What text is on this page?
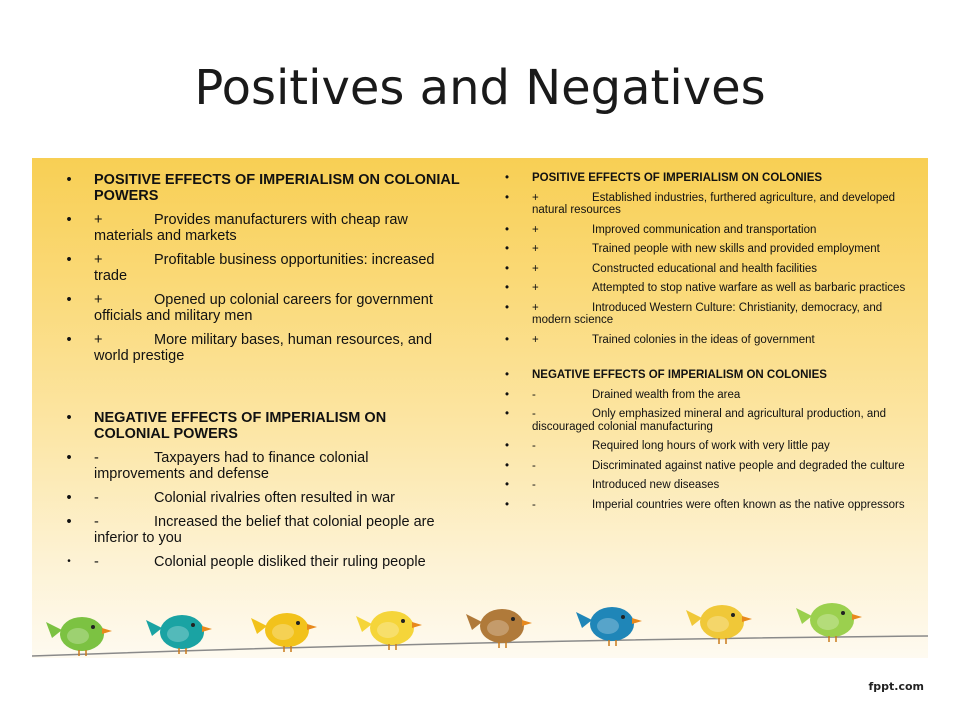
Positives and Negatives
•	POSITIVE EFFECTS OF IMPERIALISM ON COLONIAL POWERS
•	+	Provides manufacturers with cheap raw materials and markets
•	+	Profitable business opportunities: increased trade
•	+	Opened up colonial careers for government officials and military men
•	+	More military bases, human resources, and world prestige
•	NEGATIVE EFFECTS OF IMPERIALISM ON COLONIAL POWERS
•	-	Taxpayers had to finance colonial improvements and defense
•	-	Colonial rivalries often resulted in war
•	-	Increased the belief that colonial people are inferior to you
•	-	Colonial people disliked their ruling people
•	POSITIVE EFFECTS OF IMPERIALISM ON COLONIES
•	+	Established industries, furthered agriculture, and developed natural resources
•	+	Improved communication and transportation
•	+	Trained people with new skills and provided employment
•	+	Constructed educational and health facilities
•	+	Attempted to stop native warfare as well as barbaric practices
•	+	Introduced Western Culture: Christianity, democracy, and modern science
•	+	Trained colonies in the ideas of government
•	NEGATIVE EFFECTS OF IMPERIALISM ON COLONIES
•	-	Drained wealth from the area
•	-	Only emphasized mineral and agricultural production, and discouraged colonial manufacturing
•	-	Required long hours of work with very little pay
•	-	Discriminated against native people and degraded the culture
•	-	Introduced new diseases
•	-	Imperial countries were often known as the native oppressors
fppt.com
